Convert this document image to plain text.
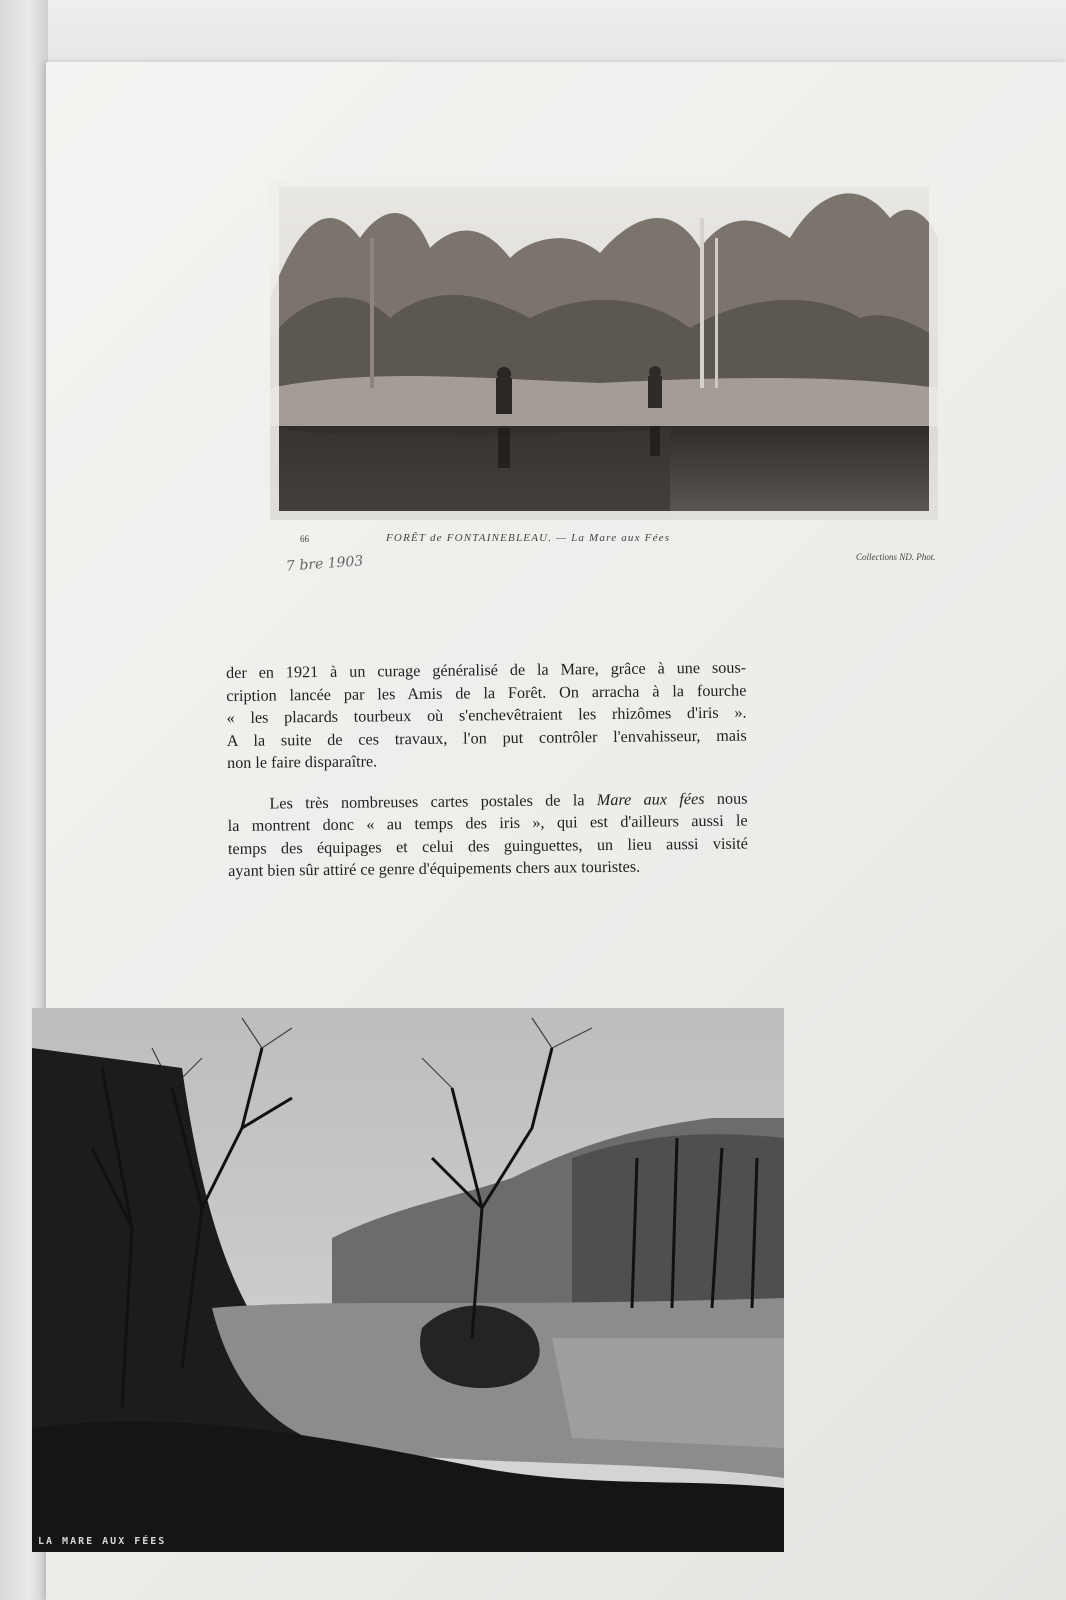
66	FORÊT de FONTAINEBLEAU. — La Mare aux Fées
Collections ND. Phot.
7 bre 1903

der en 1921 à un curage généralisé de la Mare, grâce à une sous-

cription lancée par les Amis de la Forêt. On arracha à la fourche

« les placards tourbeux où s'enchevêtraient les rhizômes d'iris ».

A la suite de ces travaux, l'on put contrôler l'envahisseur, mais

non le faire disparaître.

Les très nombreuses cartes postales de la Mare aux fées nous

la montrent donc « au temps des iris », qui est d'ailleurs aussi le

temps des équipages et celui des guinguettes, un lieu aussi visité

ayant bien sûr attiré ce genre d'équipements chers aux touristes.

LA MARE AUX FÉES
